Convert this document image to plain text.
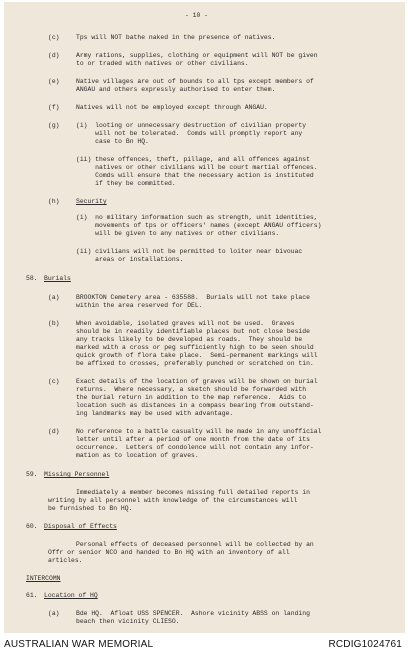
- 10 -
(c)	Tps will NOT bathe naked in the presence of natives.
(d)	Army rations, supplies, clothing or equipment will NOT be given
to or traded with natives or other civilians.
(e)	Native villages are out of bounds to all tps except members of
ANGAU and others expressly authorised to enter them.
(f)	Natives will not be employed except through ANGAU.
(g)	(i)  looting or unnecessary destruction of civilian property
will not be tolerated.  Comds will promptly report any
case to Bn HQ.
(ii) these offences, theft, pillage, and all offences against
natives or other civilians will be court martial offences.
Comds will ensure that the necessary action is instituted
if they be committed.
(h)	Security
(i)  no military information such as strength, unit identities,
movements of tps or officers' names (except ANGAU officers)
will be given to any natives or other civilians.
(ii) civilians will not be permitted to loiter near bivouac
areas or installations.
58. Burials
(a)	BROOKTON Cemetery area - 635588.  Burials will not take place
within the area reserved for DEL.
(b)	When avoidable, isolated graves will not be used.  Graves
should be in readily identifiable places but not close beside
any tracks likely to be developed as roads.  They should be
marked with a cross or peg sufficiently high to be seen should
quick growth of flora take place.  Semi-permanent markings will
be affixed to crosses, preferably punched or scratched on tin.
(c)	Exact details of the location of graves will be shown on burial
returns.  Where necessary, a sketch should be forwarded with
the burial return in addition to the map reference.  Aids to
location such as distances in a compass bearing from outstand-
ing landmarks may be used with advantage.
(d)	No reference to a battle casualty will be made in any unofficial
letter until after a period of one month from the date of its
occurrence.  Letters of condolence will not contain any infor-
mation as to location of graves.
59. Missing Personnel
Immediately a member becomes missing full detailed reports in
writing by all personnel with knowledge of the circumstances will
be furnished to Bn HQ.
60. Disposal of Effects
Personal effects of deceased personnel will be collected by an
Offr or senior NCO and handed to Bn HQ with an inventory of all
articles.
INTERCOMN
61. Location of HQ
(a)	Bde HQ.  Afloat USS SPENCER.  Ashore vicinity ABSS on landing
beach then vicinity CLIESO.
AUSTRALIAN WAR MEMORIAL	RCDIG1024761
